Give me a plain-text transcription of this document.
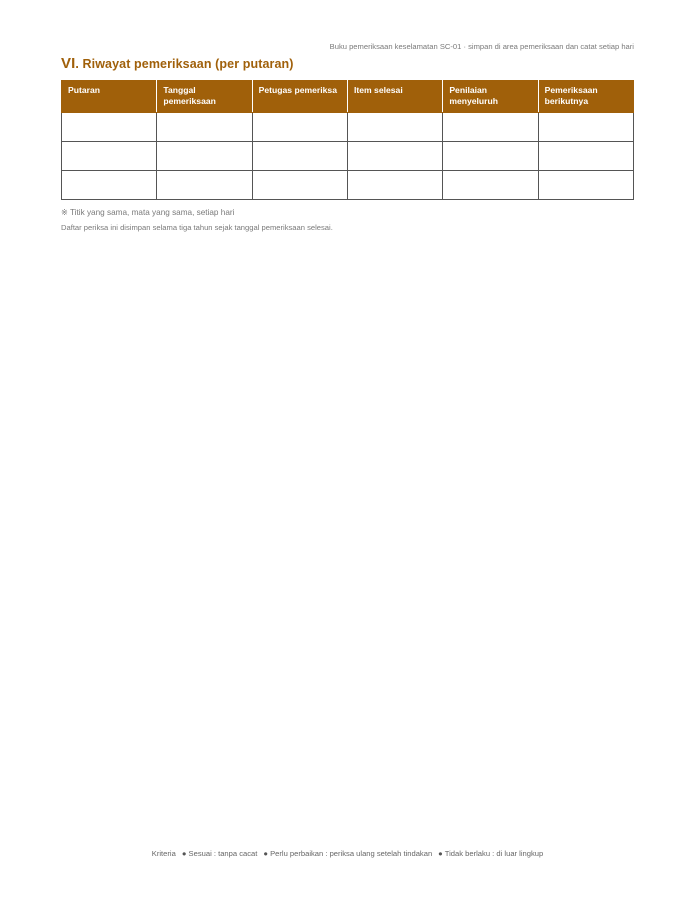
Buku pemeriksaan keselamatan SC-01 · simpan di area pemeriksaan dan catat setiap hari
VI. Riwayat pemeriksaan (per putaran)
Putaran	Tanggal pemeriksaan	Petugas pemeriksa	Item selesai	Penilaian menyeluruh	Pemeriksaan berikutnya

※ Titik yang sama, mata yang sama, setiap hari
Daftar periksa ini disimpan selama tiga tahun sejak tanggal pemeriksaan selesai.
Kriteria ● Sesuai : tanpa cacat ● Perlu perbaikan : periksa ulang setelah tindakan ● Tidak berlaku : di luar lingkup
